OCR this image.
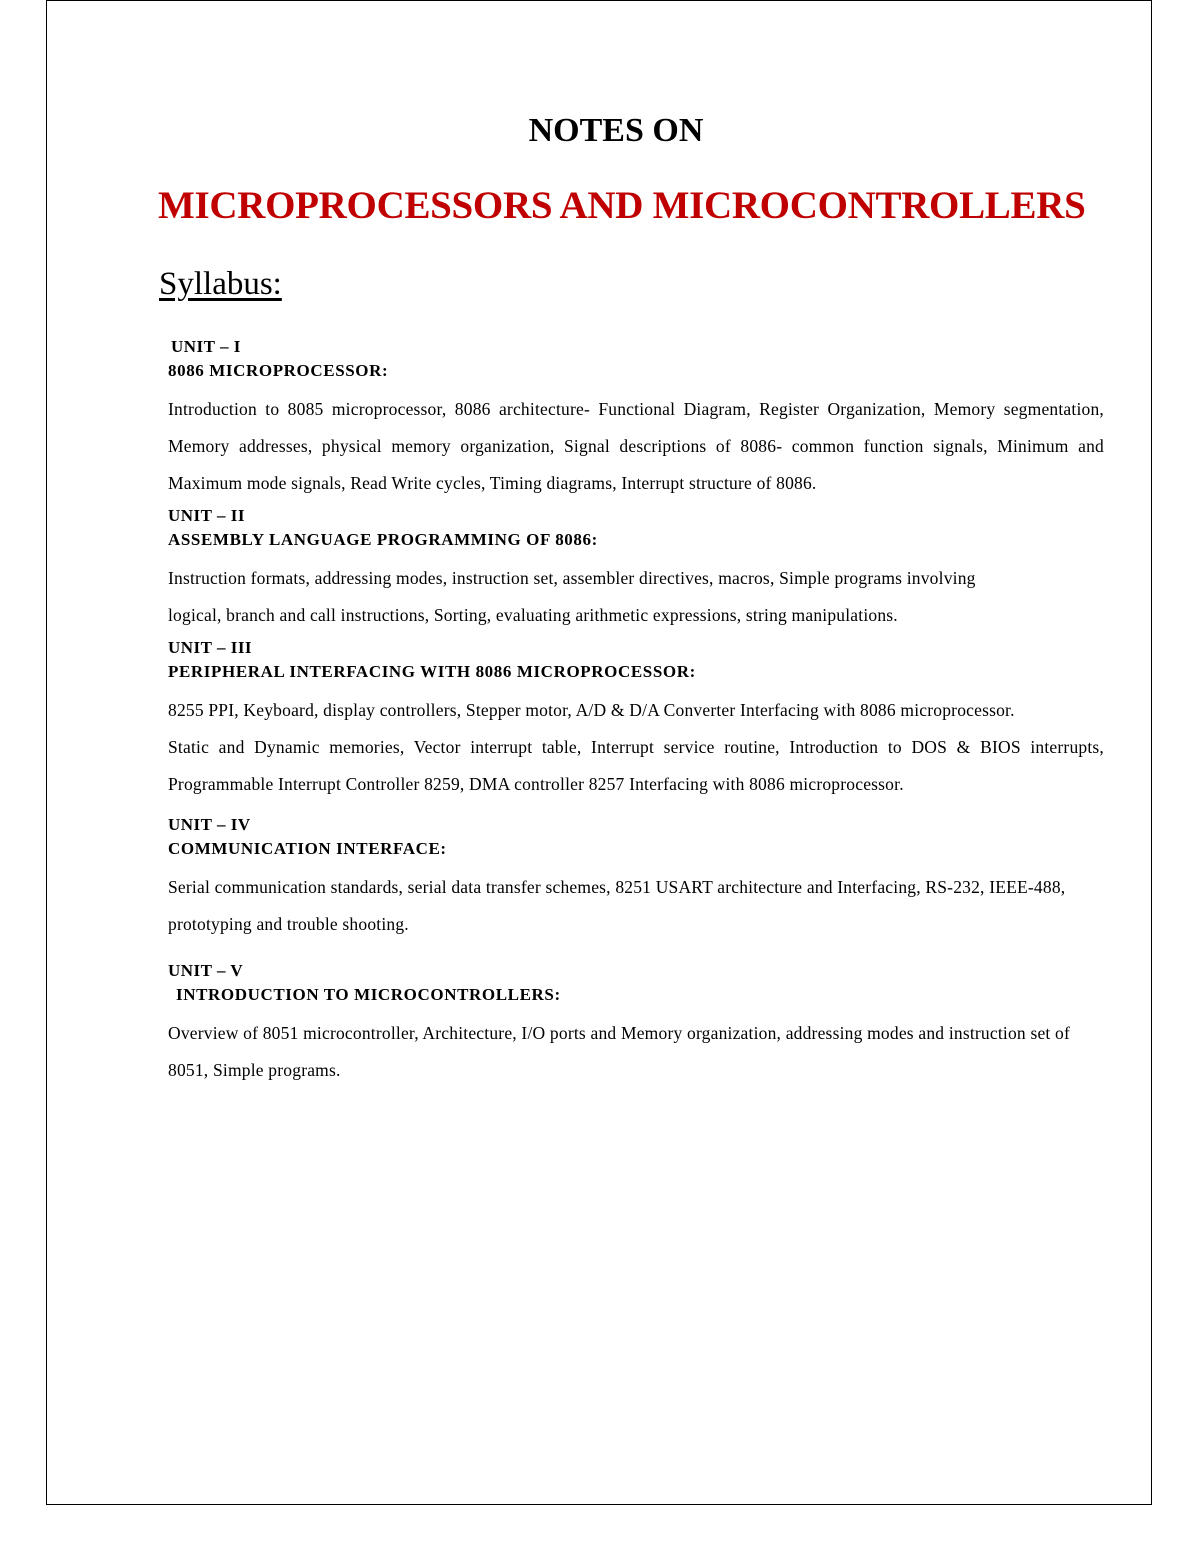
NOTES ON
MICROPROCESSORS AND MICROCONTROLLERS
Syllabus:

UNIT – I

8086 MICROPROCESSOR:

Introduction to 8085 microprocessor, 8086 architecture- Functional Diagram, Register Organization, Memory segmentation, Memory addresses, physical memory organization, Signal descriptions of 8086- common function signals, Minimum and Maximum mode signals, Read Write cycles, Timing diagrams, Interrupt structure of 8086.

UNIT – II

ASSEMBLY LANGUAGE PROGRAMMING OF 8086:

Instruction formats, addressing modes, instruction set, assembler directives, macros, Simple programs involving logical, branch and call instructions, Sorting, evaluating arithmetic expressions, string manipulations.

UNIT – III

PERIPHERAL INTERFACING WITH 8086 MICROPROCESSOR:

8255 PPI, Keyboard, display controllers, Stepper motor, A/D & D/A Converter Interfacing with 8086 microprocessor.

Static and Dynamic memories, Vector interrupt table, Interrupt service routine, Introduction to DOS & BIOS interrupts, Programmable Interrupt Controller 8259, DMA controller 8257 Interfacing with 8086 microprocessor.

UNIT – IV

COMMUNICATION INTERFACE:

Serial communication standards, serial data transfer schemes, 8251 USART architecture and Interfacing, RS-232, IEEE-488, prototyping and trouble shooting.

UNIT – V

INTRODUCTION TO MICROCONTROLLERS:

Overview of 8051 microcontroller, Architecture, I/O ports and Memory organization, addressing modes and instruction set of 8051, Simple programs.
